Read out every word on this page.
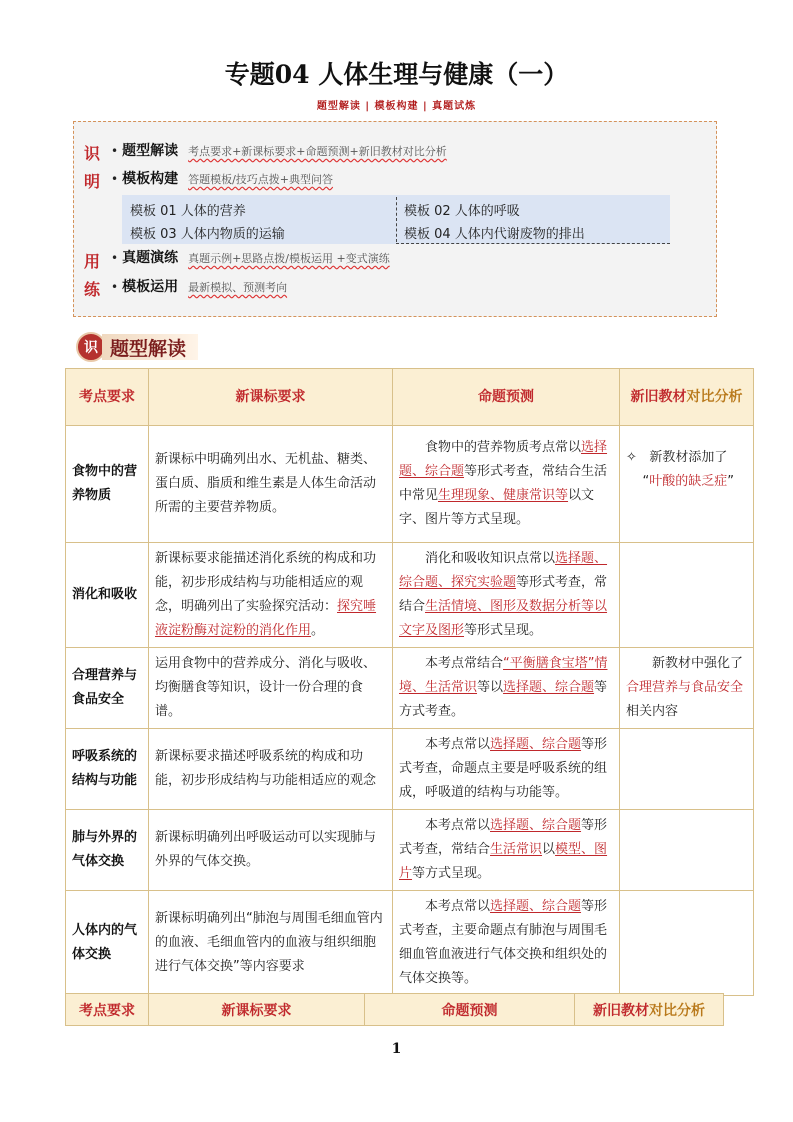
专题04 人体生理与健康（一）
题型解读 | 模板构建 | 真题试炼
识
明
用
练
• 题型解读 考点要求+新课标要求+命题预测+新旧教材对比分析
• 模板构建 答题模板/技巧点拨+典型问答
模板 01 人体的营养	模板 02 人体的呼吸
模板 03 人体内物质的运输	模板 04 人体内代谢废物的排出
• 真题演练 真题示例+思路点拨/模板运用 +变式演练
• 模板运用 最新模拟、预测考向
识 题型解读
考点要求	新课标要求	命题预测	新旧教材对比分析
食物中的营养物质	新课标中明确列出水、无机盐、糖类、蛋白质、脂质和维生素是人体生命活动所需的主要营养物质。	食物中的营养物质考点常以选择题、综合题等形式考查，常结合生活中常见生理现象、健康常识等以文字、图片等方式呈现。	✧ 新教材添加了
“叶酸的缺乏症”
消化和吸收	新课标要求能描述消化系统的构成和功能，初步形成结构与功能相适应的观念，明确列出了实验探究活动：探究唾液淀粉酶对淀粉的消化作用。	消化和吸收知识点常以选择题、综合题、探究实验题等形式考查，常结合生活情境、图形及数据分析等以文字及图形等形式呈现。	
合理营养与食品安全	运用食物中的营养成分、消化与吸收、均衡膳食等知识，设计一份合理的食谱。	本考点常结合“平衡膳食宝塔”情境、生活常识等以选择题、综合题等方式考查。	新教材中强化了合理营养与食品安全相关内容
呼吸系统的结构与功能	新课标要求描述呼吸系统的构成和功能，初步形成结构与功能相适应的观念	本考点常以选择题、综合题等形式考查，命题点主要是呼吸系统的组成，呼吸道的结构与功能等。	
肺与外界的气体交换	新课标明确列出呼吸运动可以实现肺与外界的气体交换。	本考点常以选择题、综合题等形式考查，常结合生活常识以模型、图片等方式呈现。	
人体内的气体交换	新课标明确列出“肺泡与周围毛细血管内的血液、毛细血管内的血液与组织细胞进行气体交换”等内容要求	本考点常以选择题、综合题等形式考查，主要命题点有肺泡与周围毛细血管血液进行气体交换和组织处的气体交换等。	
考点要求	新课标要求	命题预测	新旧教材对比分析
1
